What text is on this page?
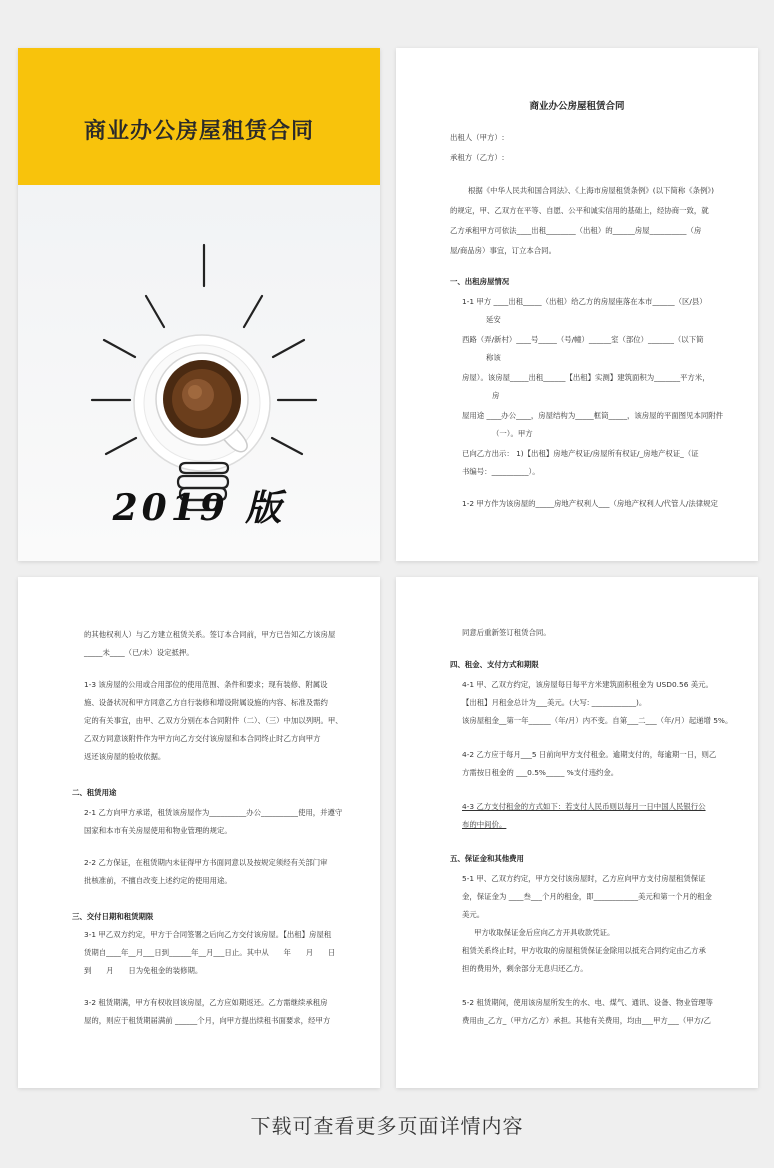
商业办公房屋租赁合同
2019 版
商业办公房屋租赁合同
出租人（甲方）:
承租方（乙方）:
根据《中华人民共和国合同法》、《上海市房屋租赁条例》(以下简称《条例》)
的规定，甲、乙双方在平等、自愿、公平和诚实信用的基础上，经协商一致，就
乙方承租甲方可依法____出租________（出租）的______房屋__________（房
屋/商品房）事宜，订立本合同。
一、出租房屋情况
1-1 甲方 ____出租_____（出租）给乙方的房屋座落在本市______（区/县）
延安
西路（弄/新村）____号_____（号/幢）______室（部位）_______（以下简
称该
房屋）。该房屋_____出租______【出租】实测】建筑面积为_______平方米，
房
屋用途 ____办公____，房屋结构为_____框筒_____，该房屋的平面图见本同附件
（一）。甲方
已向乙方出示： 1)【出租】房地产权证/房屋所有权证/_房地产权证_（证
书编号：__________）。
1-2 甲方作为该房屋的_____房地产权利人___（房地产权利人/代管人/法律规定
的其他权利人）与乙方建立租赁关系。签订本合同前，甲方已告知乙方该房屋
_____未____（已/未）设定抵押。
1-3 该房屋的公用或合用部位的使用范围、条件和要求；现有装修、附属设
施、设备状况和甲方同意乙方自行装修和增设附属设施的内容、标准及需约
定的有关事宜，由甲、乙双方分别在本合同附件（二）、（三）中加以列明。甲、
乙双方同意该附件作为甲方向乙方交付该房屋和本合同终止时乙方向甲方
返还该房屋的验收依据。
二、租赁用途
2-1 乙方向甲方承诺，租赁该房屋作为__________办公__________使用，并遵守
国家和本市有关房屋使用和物业管理的规定。
2-2 乙方保证，在租赁期内未征得甲方书面同意以及按规定须经有关部门审
批核准前，不擅自改变上述约定的使用用途。
三、交付日期和租赁期限
3-1 甲乙双方约定，甲方于合同签署之后向乙方交付该房屋。【出租】房屋租
赁期自____年__月___日到______年__月___日止。其中从　　年　　月　　日
到　　月　　日为免租金的装修期。
3-2 租赁期满，甲方有权收回该房屋，乙方应如期返还。乙方需继续承租房
屋的，则应于租赁期届满前 ______个月，向甲方提出续租书面要求，经甲方
同意后重新签订租赁合同。
四、租金、支付方式和期限
4-1 甲、乙双方约定，该房屋每日每平方米建筑面积租金为 USD0.56 美元。
【出租】月租金总计为___美元。(大写: ____________)。
该房屋租金__第一年______（年/月）内不变。自第___二___（年/月）起递增 5%。
4-2 乙方应于每月___5 日前向甲方支付租金。逾期支付的，每逾期一日，则乙
方需按日租金的 ___0.5%_____ %支付违约金。
4-3 乙方支付租金的方式如下：若支付人民币则以每月一日中国人民银行公
布的中间价。
五、保证金和其他费用
5-1 甲、乙双方约定，甲方交付该房屋时，乙方应向甲方支付房屋租赁保证
金，保证金为 ____叁___个月的租金，即____________美元和第一个月的租金
美元。
甲方收取保证金后应向乙方开具收款凭证。
租赁关系终止时，甲方收取的房屋租赁保证金除用以抵充合同约定由乙方承
担的费用外，剩余部分无息归还乙方。
5-2 租赁期间，使用该房屋所发生的水、电、煤气、通讯、设备、物业管理等
费用由_乙方_（甲方/乙方）承担。其他有关费用，均由___甲方___（甲方/乙
下载可查看更多页面详情内容
